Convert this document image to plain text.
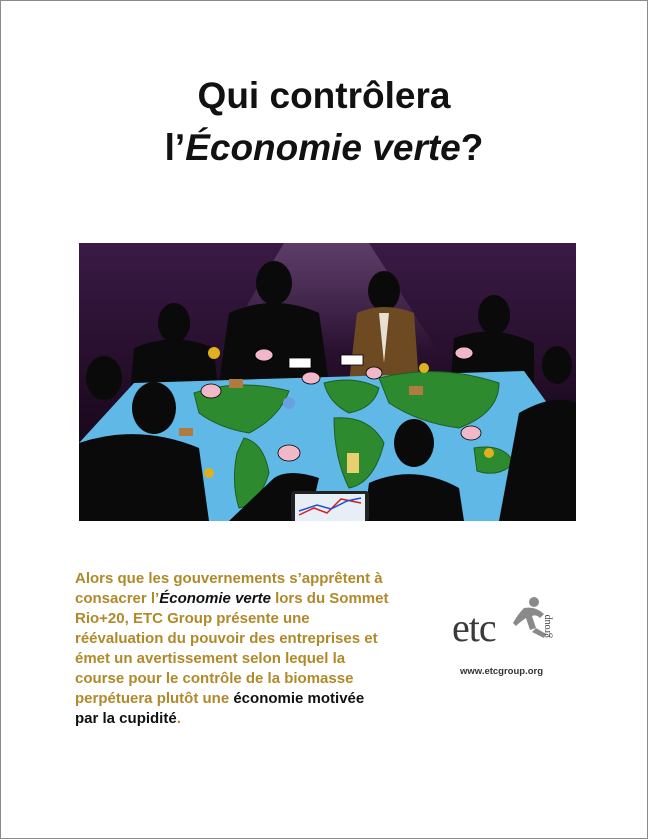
Qui contrôlera
l’Économie verte?
Alors que les gouvernements s’apprêtent à
consacrer l’Économie verte lors du Sommet
Rio+20, ETC Group présente une
réévaluation du pouvoir des entreprises et
émet un avertissement selon lequel la
course pour le contrôle de la biomasse
perpétuera plutôt une économie motivée
par la cupidité.
etc	group
www.etcgroup.org
